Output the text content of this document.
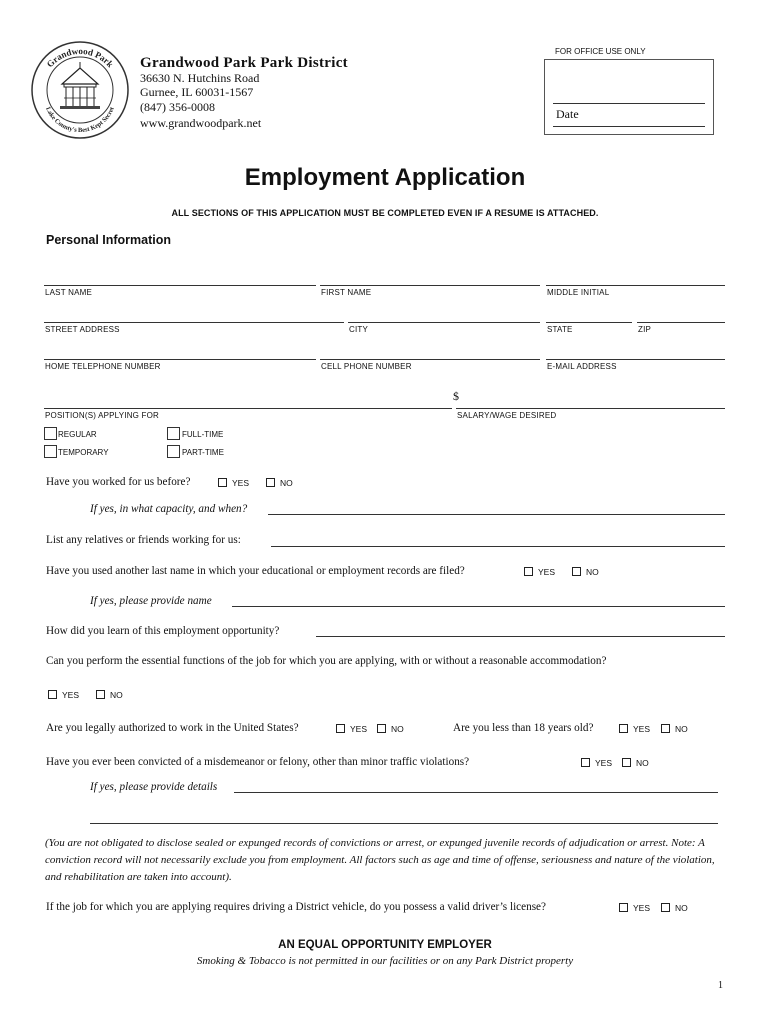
Grandwood Park
Lake County's Best Kept Secret
Grandwood Park Park District
36630 N. Hutchins Road
Gurnee, IL 60031-1567
(847) 356-0008
www.grandwoodpark.net
FOR OFFICE USE ONLY
Date
Employment Application
ALL SECTIONS OF THIS APPLICATION MUST BE COMPLETED EVEN IF A RESUME IS ATTACHED.
Personal Information
LAST NAME	FIRST NAME	MIDDLE INITIAL
STREET ADDRESS	CITY	STATE	ZIP
HOME TELEPHONE NUMBER	CELL PHONE NUMBER	E-MAIL ADDRESS
$
POSITION(S) APPLYING FOR	SALARY/WAGE DESIRED
REGULAR	FULL-TIME
TEMPORARY	PART-TIME
Have you worked for us before?	YES	NO
If yes, in what capacity, and when?
List any relatives or friends working for us:
Have you used another last name in which your educational or employment records are filed?	YES	NO
If yes, please provide name
How did you learn of this employment opportunity?
Can you perform the essential functions of the job for which you are applying, with or without a reasonable accommodation?
YES	NO
Are you legally authorized to work in the United States?	YES	NO	Are you less than 18 years old?	YES	NO
Have you ever been convicted of a misdemeanor or felony, other than minor traffic violations?	YES	NO
If yes, please provide details
(You are not obligated to disclose sealed or expunged records of convictions or arrest, or expunged juvenile records of adjudication or arrest. Note: A conviction record will not necessarily exclude you from employment. All factors such as age and time of offense, seriousness and nature of the violation, and rehabilitation are taken into account).
If the job for which you are applying requires driving a District vehicle, do you possess a valid driver’s license?	YES	NO
AN EQUAL OPPORTUNITY EMPLOYER
Smoking & Tobacco is not permitted in our facilities or on any Park District property
1
